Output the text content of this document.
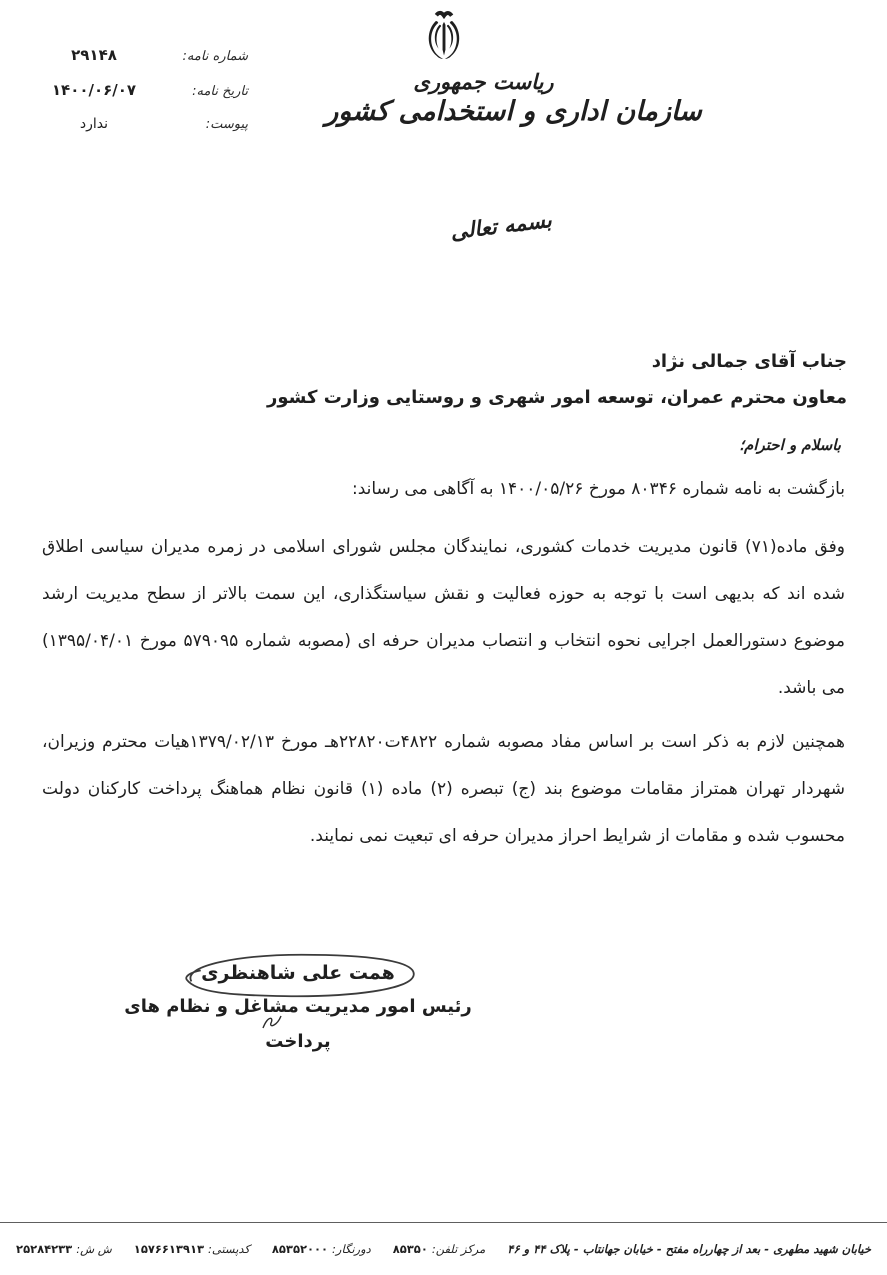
شماره نامه:
۲۹۱۴۸
تاریخ نامه:
۱۴۰۰/۰۶/۰۷
پیوست:
ندارد
ریاست جمهوری
سازمان اداری و استخدامی کشور
بسمه تعالی
جناب آقای جمالی نژاد
معاون محترم عمران، توسعه امور شهری و روستایی وزارت کشور
باسلام و احترام؛
بازگشت به نامه شماره ۸۰۳۴۶ مورخ ۱۴۰۰/۰۵/۲۶ به آگاهی می رساند:
وفق ماده(۷۱) قانون مدیریت خدمات کشوری، نمایندگان مجلس شورای اسلامی در زمره مدیران سیاسی اطلاق شده اند که بدیهی است با توجه به حوزه فعالیت و نقش سیاستگذاری، این سمت بالاتر از سطح مدیریت ارشد موضوع دستورالعمل اجرایی نحوه انتخاب و انتصاب مدیران حرفه ای (مصوبه شماره ۵۷۹۰۹۵ مورخ ۱۳۹۵/۰۴/۰۱) می باشد.
همچنین لازم به ذکر است بر اساس مفاد مصوبه شماره ۴۸۲۲ت۲۲۸۲۰هـ مورخ ۱۳۷۹/۰۲/۱۳هیات محترم وزیران، شهردار تهران همتراز مقامات موضوع بند (ج) تبصره (۲) ماده (۱) قانون نظام هماهنگ پرداخت کارکنان دولت محسوب شده و مقامات از شرایط احراز مدیران حرفه ای تبعیت نمی نمایند.
همت علی شاهنظری
رئیس امور مدیریت مشاغل و نظام های
پرداخت
خیابان شهید مطهری - بعد از چهارراه مفتح - خیابان جهانتاب - پلاک ۴۴ و ۴۶
مرکز تلفن:
۸۵۳۵۰
دورنگار:
۸۵۳۵۲۰۰۰
کدپستی:
۱۵۷۶۶۱۳۹۱۳
ش ش:
۲۵۲۸۴۲۳۳
